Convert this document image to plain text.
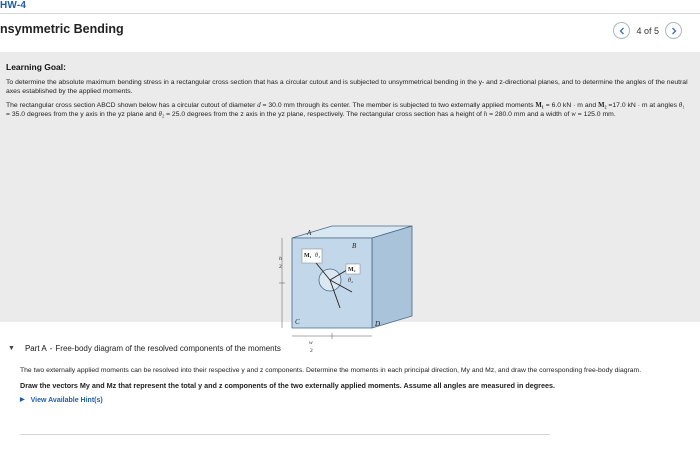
HW-4
nsymmetric Bending	4 of 5
Learning Goal:

To determine the absolute maximum bending stress in a rectangular cross section that has a circular cutout and is subjected to unsymmetrical bending in the y- and z-directional planes, and to determine the angles of the neutral axes established by the applied moments.

The rectangular cross section ABCD shown below has a circular cutout of diameter d = 30.0 mm through its center. The member is subjected to two externally applied moments M₁ = 6.0 kN · m and M₂ =17.0 kN · m at angles θ₁ = 35.0 degrees from the y axis in the yz plane and θ₂ = 25.0 degrees from the z axis in the yz plane, respectively. The rectangular cross section has a height of h = 280.0 mm and a width of w = 125.0 mm.

A
B
C	D
M₁ θ₁
M₂
θ₂
h
2
w
2
▼ Part A - Free-body diagram of the resolved components of the moments

The two externally applied moments can be resolved into their respective y and z components. Determine the moments in each principal direction, My and Mz, and draw the corresponding free-body diagram.

Draw the vectors My and Mz that represent the total y and z components of the two externally applied moments. Assume all angles are measured in degrees.

▶ View Available Hint(s)
